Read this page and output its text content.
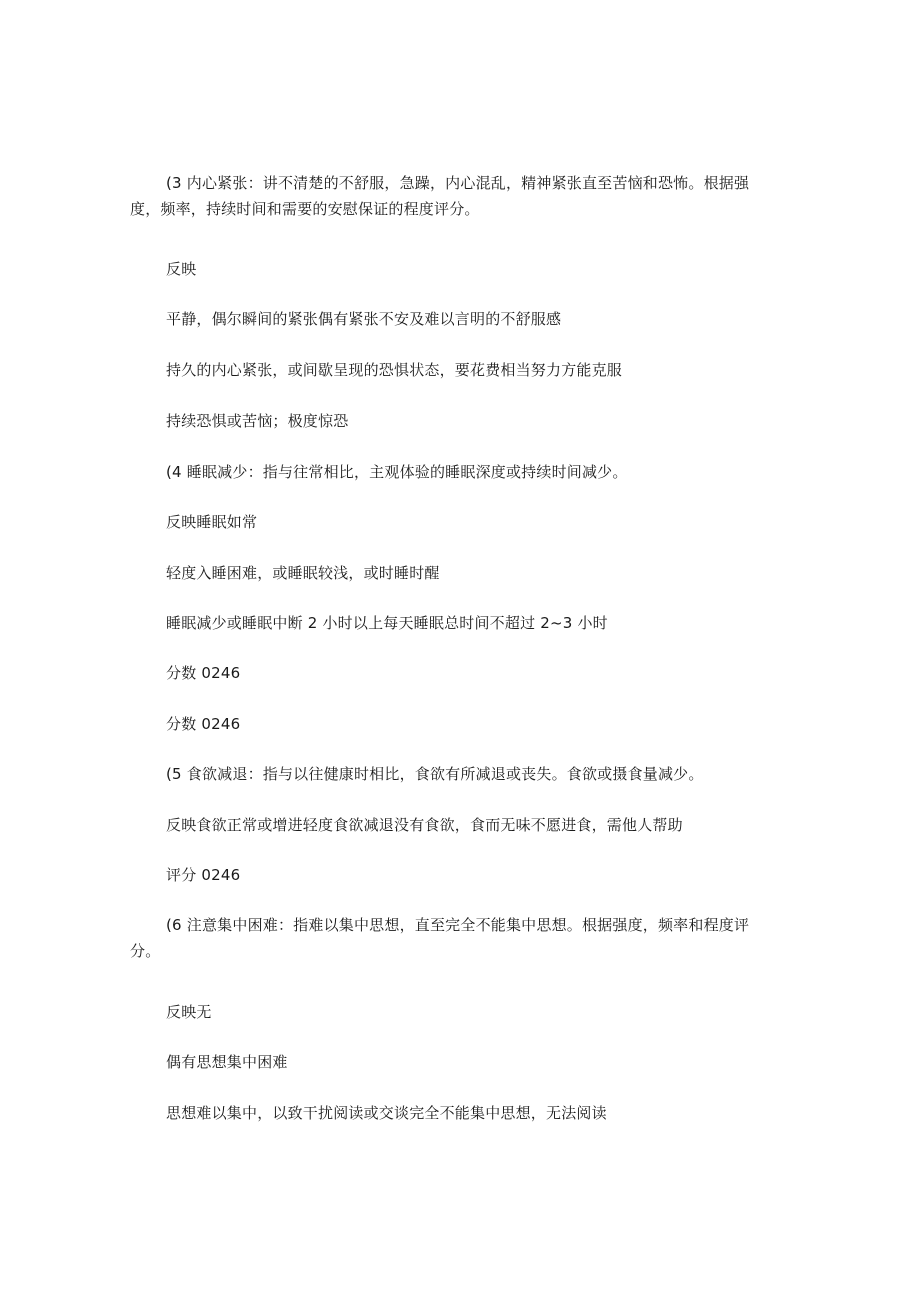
(3 内心紧张：讲不清楚的不舒服，急躁，内心混乱，精神紧张直至苦恼和恐怖。根据强度，频率，持续时间和需要的安慰保证的程度评分。
反映
平静，偶尔瞬间的紧张偶有紧张不安及难以言明的不舒服感
持久的内心紧张，或间歇呈现的恐惧状态，要花费相当努力方能克服
持续恐惧或苦恼；极度惊恐
(4 睡眠减少：指与往常相比，主观体验的睡眠深度或持续时间减少。
反映睡眠如常
轻度入睡困难，或睡眠较浅，或时睡时醒
睡眠减少或睡眠中断 2 小时以上每天睡眠总时间不超过 2~3 小时
分数 0246
分数 0246
(5 食欲减退：指与以往健康时相比，食欲有所减退或丧失。食欲或摄食量减少。
反映食欲正常或增进轻度食欲减退没有食欲，食而无味不愿进食，需他人帮助
评分 0246
(6 注意集中困难：指难以集中思想，直至完全不能集中思想。根据强度，频率和程度评分。
反映无
偶有思想集中困难
思想难以集中，以致干扰阅读或交谈完全不能集中思想，无法阅读
